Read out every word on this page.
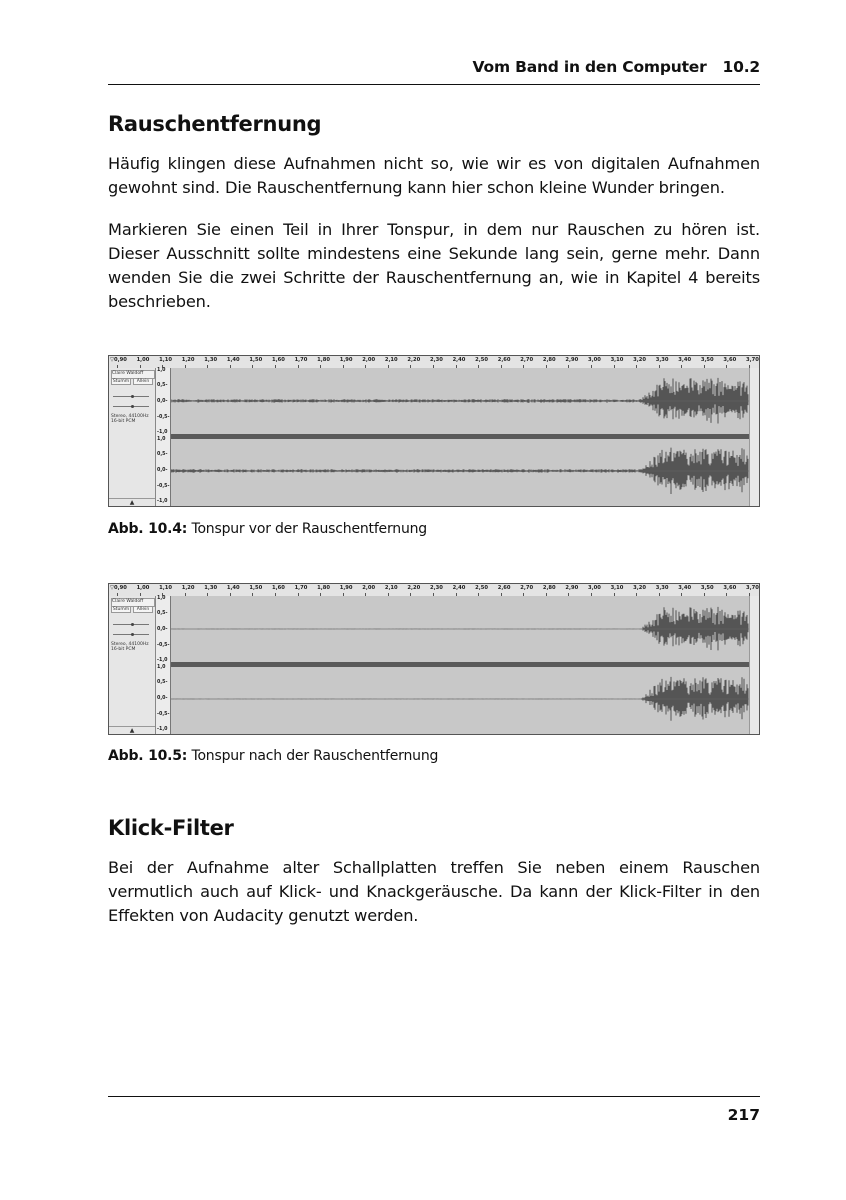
Vom Band in den Computer 10.2
Rauschentfernung

Häufig klingen diese Aufnahmen nicht so, wie wir es von digitalen Aufnahmen gewohnt sind. Die Rauschentfernung kann hier schon kleine Wunder bringen.

Markieren Sie einen Teil in Ihrer Tonspur, in dem nur Rauschen zu hören ist. Dieser Ausschnitt sollte mindestens eine Sekunde lang sein, gerne mehr. Dann wenden Sie die zwei Schritte der Rauschentfernung an, wie in Kapitel 4 bereits beschrieben.

0,90 1,00 1,10 1,20 1,30 1,40 1,50 1,60 1,70 1,80 1,90 2,00 2,10 2,20 2,30 2,40 2,50 2,60 2,70 2,80 2,90 3,00 3,10 3,20 3,30 3,40 3,50 3,60 3,70
▽
Claire Waldoff
Stumm	Allein
Stereo, 44100Hz
16-bit PCM
▲
1,0
0,5-
0,0-
-0,5-
-1,0
1,0
0,5-
0,0-
-0,5-
-1,0

Abb. 10.4: Tonspur vor der Rauschentfernung

0,90 1,00 1,10 1,20 1,30 1,40 1,50 1,60 1,70 1,80 1,90 2,00 2,10 2,20 2,30 2,40 2,50 2,60 2,70 2,80 2,90 3,00 3,10 3,20 3,30 3,40 3,50 3,60 3,70
▽
Claire Waldoff
Stumm	Allein
Stereo, 44100Hz
16-bit PCM
▲
1,0
0,5-
0,0-
-0,5-
-1,0
1,0
0,5-
0,0-
-0,5-
-1,0

Abb. 10.5: Tonspur nach der Rauschentfernung

Klick-Filter

Bei der Aufnahme alter Schallplatten treffen Sie neben einem Rauschen vermutlich auch auf Klick- und Knackgeräusche. Da kann der Klick-Filter in den Effekten von Audacity genutzt werden.

217
